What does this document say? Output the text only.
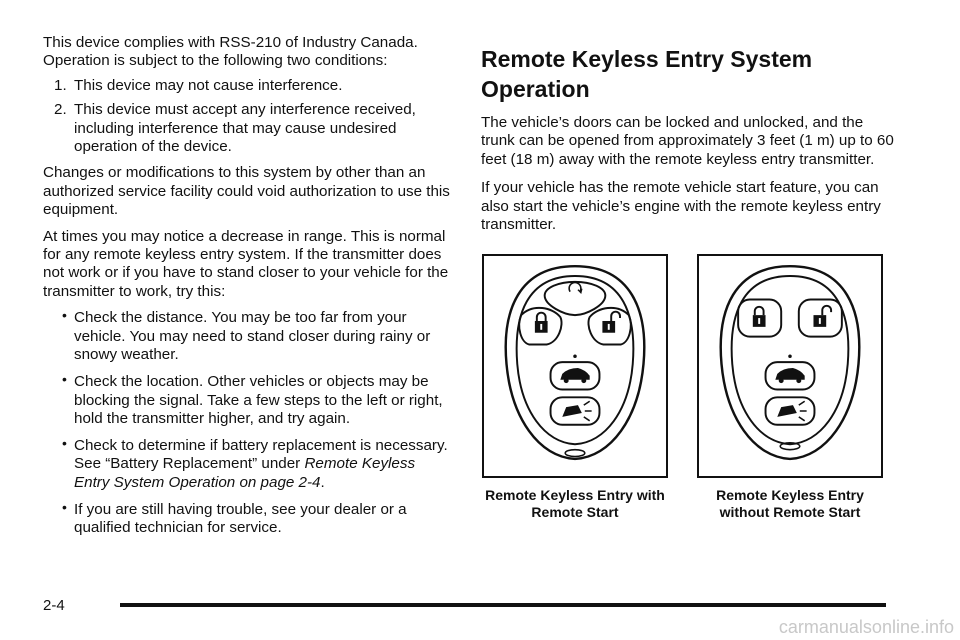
This device complies with RSS-210 of Industry Canada. Operation is subject to the following two conditions:

1. This device may not cause interference.
2. This device must accept any interference received, including interference that may cause undesired operation of the device.

Changes or modifications to this system by other than an authorized service facility could void authorization to use this equipment.

At times you may notice a decrease in range. This is normal for any remote keyless entry system. If the transmitter does not work or if you have to stand closer to your vehicle for the transmitter to work, try this:

• Check the distance. You may be too far from your vehicle. You may need to stand closer during rainy or snowy weather.
• Check the location. Other vehicles or objects may be blocking the signal. Take a few steps to the left or right, hold the transmitter higher, and try again.
• Check to determine if battery replacement is necessary. See “Battery Replacement” under Remote Keyless Entry System Operation on page 2-4.
• If you are still having trouble, see your dealer or a qualified technician for service.
Remote Keyless Entry System Operation

The vehicle’s doors can be locked and unlocked, and the trunk can be opened from approximately 3 feet (1 m) up to 60 feet (18 m) away with the remote keyless entry transmitter.

If your vehicle has the remote vehicle start feature, you can also start the vehicle’s engine with the remote keyless entry transmitter.

Remote Keyless Entry with Remote Start
Remote Keyless Entry without Remote Start
2-4
carmanualsonline.info
